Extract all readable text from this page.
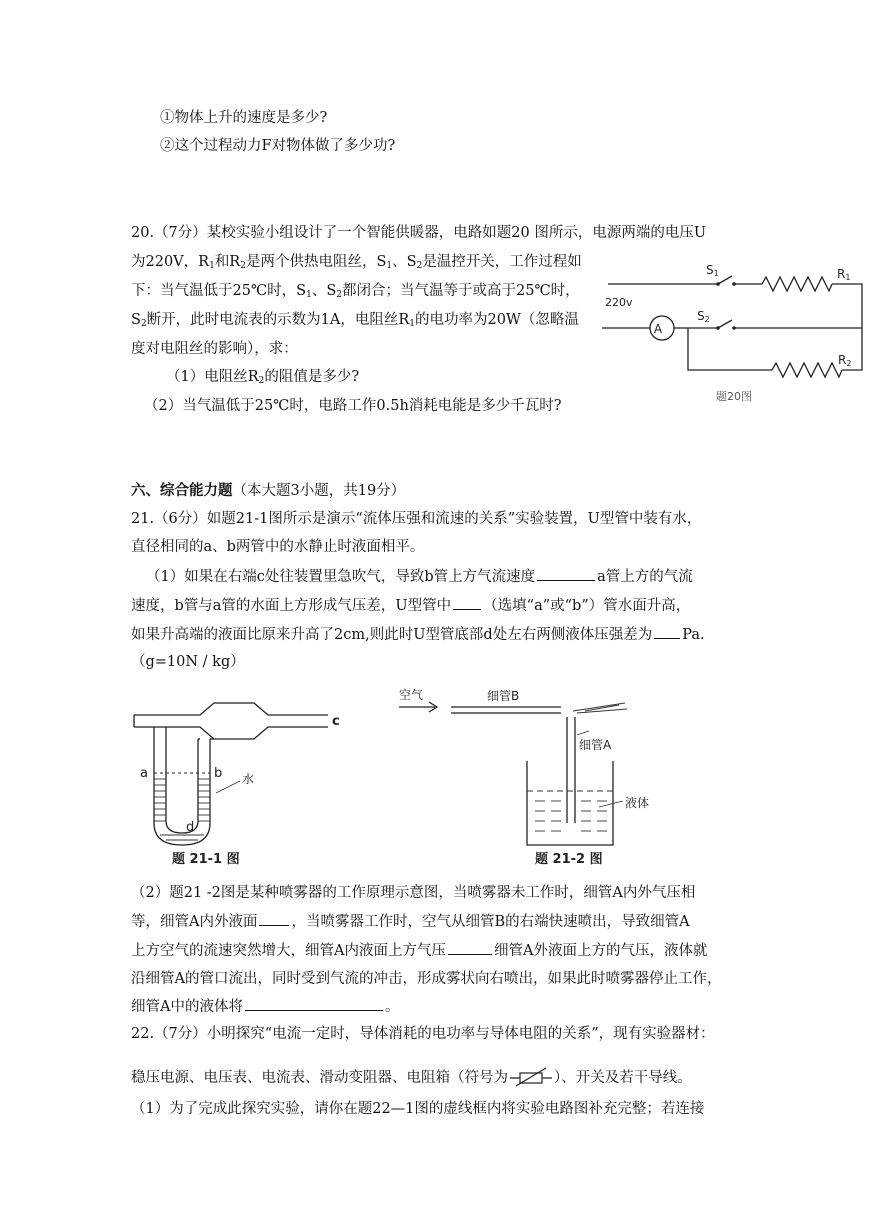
①物体上升的速度是多少?
②这个过程动力F对物体做了多少功?
20.（7分）某校实验小组设计了一个智能供暖器，电路如题20 图所示，电源两端的电压U
为220V，$R_1$和$R_2$是两个供热电阻丝，$S_1$、$S_2$是温控开关，工作过程如
下：当气温低于25℃时，$S_1$、$S_2$都闭合；当气温等于或高于25℃时，
$S_2$断开，此时电流表的示数为1A，电阻丝$R_1$的电功率为20W（忽略温
度对电阻丝的影响），求：
（1）电阻丝$R_2$的阻值是多少?
（2）当气温低于25℃时，电路工作0.5h消耗电能是多少千瓦时?
220v
A
S1
S2
R1
R2
题20图
六、综合能力题（本大题3小题，共19分）
21.（6分）如题21-1图所示是演示“流体压强和流速的关系”实验装置，U型管中装有水，
直径相同的a、b两管中的水静止时液面相平。
（1）如果在右端c处往装置里急吹气，导致b管上方气流速度	a管上方的气流
速度，b管与a管的水面上方形成气压差，U型管中 （选填“a”或“b”）管水面升高，
如果升高端的液面比原来升高了2cm,则此时U型管底部d处左右两侧液体压强差为 Pa.
（g=10N / kg）
c
a	b 水
d
题 21-1 图
空气	细管B
细管A
液体
题 21-2 图
（2）题21 -2图是某种喷雾器的工作原理示意图，当喷雾器未工作时，细管A内外气压相
等，细管A内外液面 ，当喷雾器工作时，空气从细管B的右端快速喷出，导致细管A
上方空气的流速突然增大，细管A内液面上方气压	细管A外液面上方的气压，液体就
沿细管A的管口流出，同时受到气流的冲击，形成雾状向右喷出，如果此时喷雾器停止工作，
细管A中的液体将	。
22.（7分）小明探究“电流一定时，导体消耗的电功率与导体电阻的关系”，现有实验器材：
稳压电源、电压表、电流表、滑动变阻器、电阻箱（符号为	）、开关及若干导线。
（1）为了完成此探究实验，请你在题22—1图的虚线框内将实验电路图补充完整；若连接
